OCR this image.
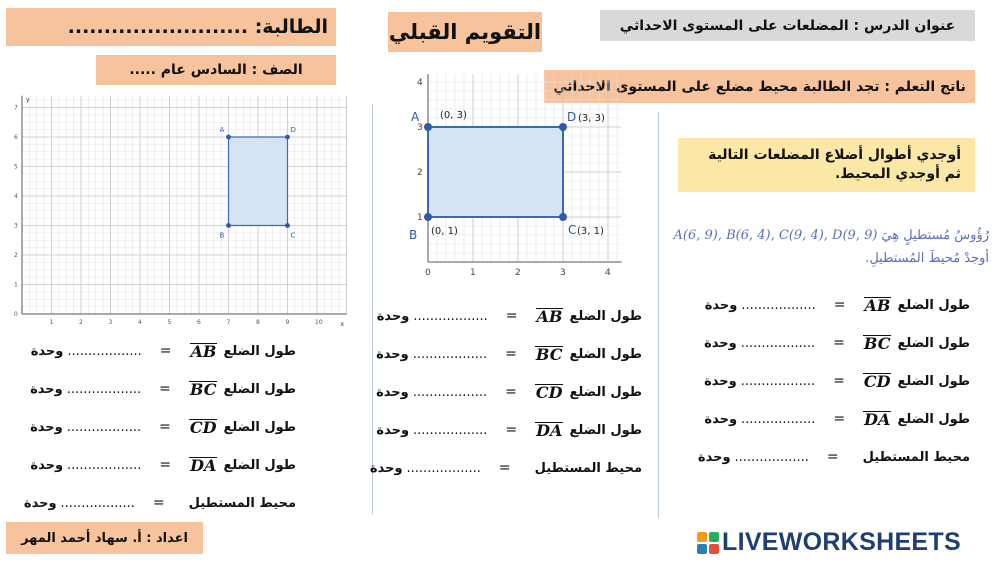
الطالبة: .........................
الصف : السادس عام .....
التقويم القبلي	عنوان الدرس : المضلعات على المستوى الاحداثي
ناتج التعلم : تجد الطالبة محيط مضلع على المستوى الاحداثي
y
x
0
1
2
3
4
5
6
7
1	2	3	4	5	6	7	8	9	10
A
B	C
D
1
2
3
4
0	1	2	3	4
A (0, 3)
B (0, 1)	C (3, 1)
D (3, 3)
أوجدي أطوال أضلاع المضلعات التالية ثم أوجدي المحيط.
رُؤُوسُ مُستطيلٍ هِيَ
A(6, 9), B(6, 4), C(9, 4), D(9, 9)
أوجدْ مُحيطَ المُستطيلِ.
طول الضلع
AB
=
..................
وحدة
طول الضلع
BC
=
..................
وحدة
طول الضلع
CD
=
..................
وحدة
طول الضلع
DA
=
..................
وحدة
محيط المستطيل
=
..................
وحدة
طول الضلع
AB
=
..................
وحدة
طول الضلع
BC
=
..................
وحدة
طول الضلع
CD
=
..................
وحدة
طول الضلع
DA
=
..................
وحدة
محيط المستطيل
=
..................
وحدة
طول الضلع
AB
=
..................
وحدة
طول الضلع
BC
=
..................
وحدة
طول الضلع
CD
=
..................
وحدة
طول الضلع
DA
=
..................
وحدة
محيط المستطيل
=
..................
وحدة
اعداد : أ. سهاد أحمد المهر	LIVEWORKSHEETS
